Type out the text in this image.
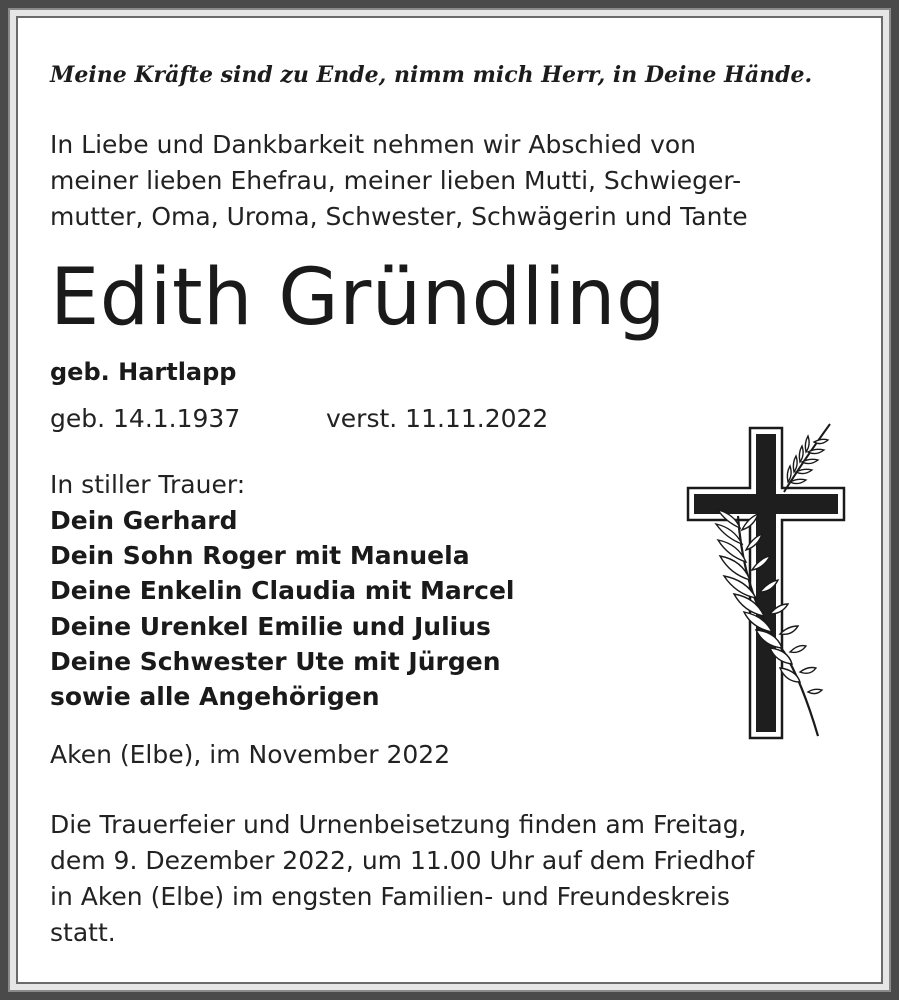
Meine Kräfte sind zu Ende, nimm mich Herr, in Deine Hände.
In Liebe und Dankbarkeit nehmen wir Abschied von
meiner lieben Ehefrau, meiner lieben Mutti, Schwieger-
mutter, Oma, Uroma, Schwester, Schwägerin und Tante
Edith Gründling
geb. Hartlapp
geb. 14.1.1937	verst. 11.11.2022
In stiller Trauer:
Dein Gerhard
Dein Sohn Roger mit Manuela
Deine Enkelin Claudia mit Marcel
Deine Urenkel Emilie und Julius
Deine Schwester Ute mit Jürgen
sowie alle Angehörigen
Aken (Elbe), im November 2022
Die Trauerfeier und Urnenbeisetzung finden am Freitag,
dem 9. Dezember 2022, um 11.00 Uhr auf dem Friedhof
in Aken (Elbe) im engsten Familien- und Freundeskreis
statt.
